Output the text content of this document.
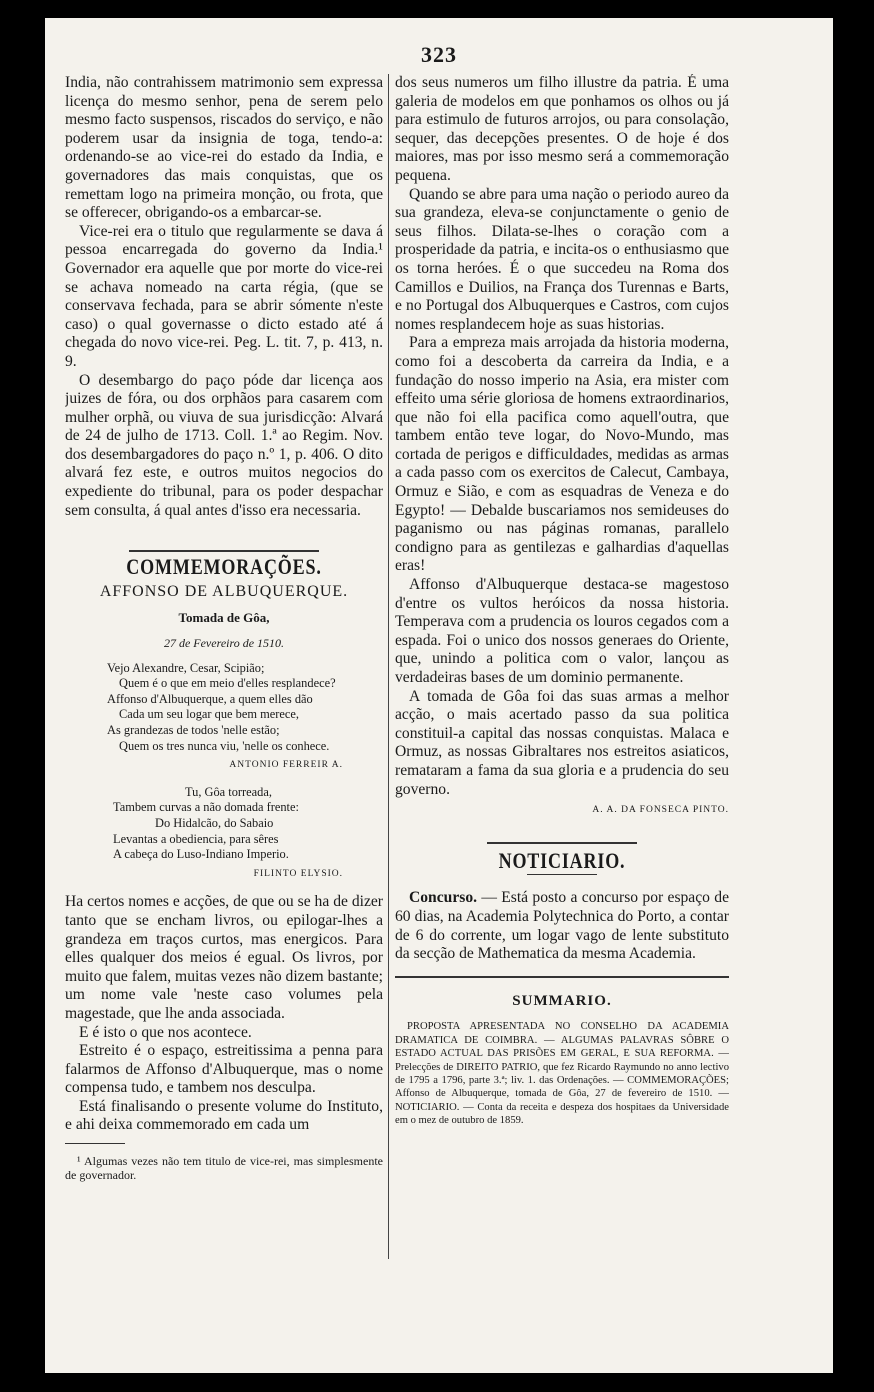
323

India, não contrahissem matrimonio sem expressa licença do mesmo senhor, pena de serem pelo mesmo facto suspensos, riscados do serviço, e não poderem usar da insignia de toga, tendo-a: ordenando-se ao vice-rei do estado da India, e governadores das mais conquistas, que os remettam logo na primeira monção, ou frota, que se offerecer, obrigando-os a embarcar-se.

Vice-rei era o titulo que regularmente se dava á pessoa encarregada do governo da India.¹ Governador era aquelle que por morte do vice-rei se achava nomeado na carta régia, (que se conservava fechada, para se abrir sómente n'este caso) o qual governasse o dicto estado até á chegada do novo vice-rei. Peg. L. tit. 7, p. 413, n. 9.

O desembargo do paço póde dar licença aos juizes de fóra, ou dos orphãos para casarem com mulher orphã, ou viuva de sua jurisdicção: Alvará de 24 de julho de 1713. Coll. 1.ª ao Regim. Nov. dos desembargadores do paço n.º 1, p. 406. O dito alvará fez este, e outros muitos negocios do expediente do tribunal, para os poder despachar sem consulta, á qual antes d'isso era necessaria.

COMMEMORAÇÕES.
AFFONSO DE ALBUQUERQUE.
Tomada de Gôa,
27 de Fevereiro de 1510.
Vejo Alexandre, Cesar, Scipião;
Quem é o que em meio d'elles resplandece?
Affonso d'Albuquerque, a quem elles dão
Cada um seu logar que bem merece,
As grandezas de todos 'nelle estão;
Quem os tres nunca viu, 'nelle os conhece.
ANTONIO FERREIR A.
Tu, Gôa torreada,
Tambem curvas a não domada frente:
Do Hidalcão, do Sabaio
Levantas a obediencia, para sêres
A cabeça do Luso-Indiano Imperio.
FILINTO ELYSIO.

Ha certos nomes e acções, de que ou se ha de dizer tanto que se encham livros, ou epilogar-lhes a grandeza em traços curtos, mas energicos. Para elles qualquer dos meios é egual. Os livros, por muito que falem, muitas vezes não dizem bastante; um nome vale 'neste caso volumes pela magestade, que lhe anda associada.

E é isto o que nos acontece.

Estreito é o espaço, estreitissima a penna para falarmos de Affonso d'Albuquerque, mas o nome compensa tudo, e tambem nos desculpa.

Está finalisando o presente volume do Instituto, e ahi deixa commemorado em cada um

¹ Algumas vezes não tem titulo de vice-rei, mas simplesmente de governador.

dos seus numeros um filho illustre da patria. É uma galeria de modelos em que ponhamos os olhos ou já para estimulo de futuros arrojos, ou para consolação, sequer, das decepções presentes. O de hoje é dos maiores, mas por isso mesmo será a commemoração pequena.

Quando se abre para uma nação o periodo aureo da sua grandeza, eleva-se conjunctamente o genio de seus filhos. Dilata-se-lhes o coração com a prosperidade da patria, e incita-os o enthusiasmo que os torna heróes. É o que succedeu na Roma dos Camillos e Duilios, na França dos Turennas e Barts, e no Portugal dos Albuquerques e Castros, com cujos nomes resplandecem hoje as suas historias.

Para a empreza mais arrojada da historia moderna, como foi a descoberta da carreira da India, e a fundação do nosso imperio na Asia, era mister com effeito uma série gloriosa de homens extraordinarios, que não foi ella pacifica como aquell'outra, que tambem então teve logar, do Novo-Mundo, mas cortada de perigos e difficuldades, medidas as armas a cada passo com os exercitos de Calecut, Cambaya, Ormuz e Sião, e com as esquadras de Veneza e do Egypto! — Debalde buscariamos nos semideuses do paganismo ou nas páginas romanas, parallelo condigno para as gentilezas e galhardias d'aquellas eras!

Affonso d'Albuquerque destaca-se magestoso d'entre os vultos heróicos da nossa historia. Temperava com a prudencia os louros cegados com a espada. Foi o unico dos nossos generaes do Oriente, que, unindo a politica com o valor, lançou as verdadeiras bases de um dominio permanente.

A tomada de Gôa foi das suas armas a melhor acção, o mais acertado passo da sua politica constituil-a capital das nossas conquistas. Malaca e Ormuz, as nossas Gibraltares nos estreitos asiaticos, remataram a fama da sua gloria e a prudencia do seu governo.

A. A. DA FONSECA PINTO.
NOTICIARIO.

Concurso. — Está posto a concurso por espaço de 60 dias, na Academia Polytechnica do Porto, a contar de 6 do corrente, um logar vago de lente substituto da secção de Mathematica da mesma Academia.

SUMMARIO.

PROPOSTA APRESENTADA NO CONSELHO DA ACADEMIA DRAMATICA DE COIMBRA. — ALGUMAS PALAVRAS SÔBRE O ESTADO ACTUAL DAS PRISÕES EM GERAL, E SUA REFORMA. — Prelecções de DIREITO PATRIO, que fez Ricardo Raymundo no anno lectivo de 1795 a 1796, parte 3.ª; liv. 1. das Ordenações. — COMMEMORAÇÕES; Affonso de Albuquerque, tomada de Gôa, 27 de fevereiro de 1510. — NOTICIARIO. — Conta da receita e despeza dos hospitaes da Universidade em o mez de outubro de 1859.
